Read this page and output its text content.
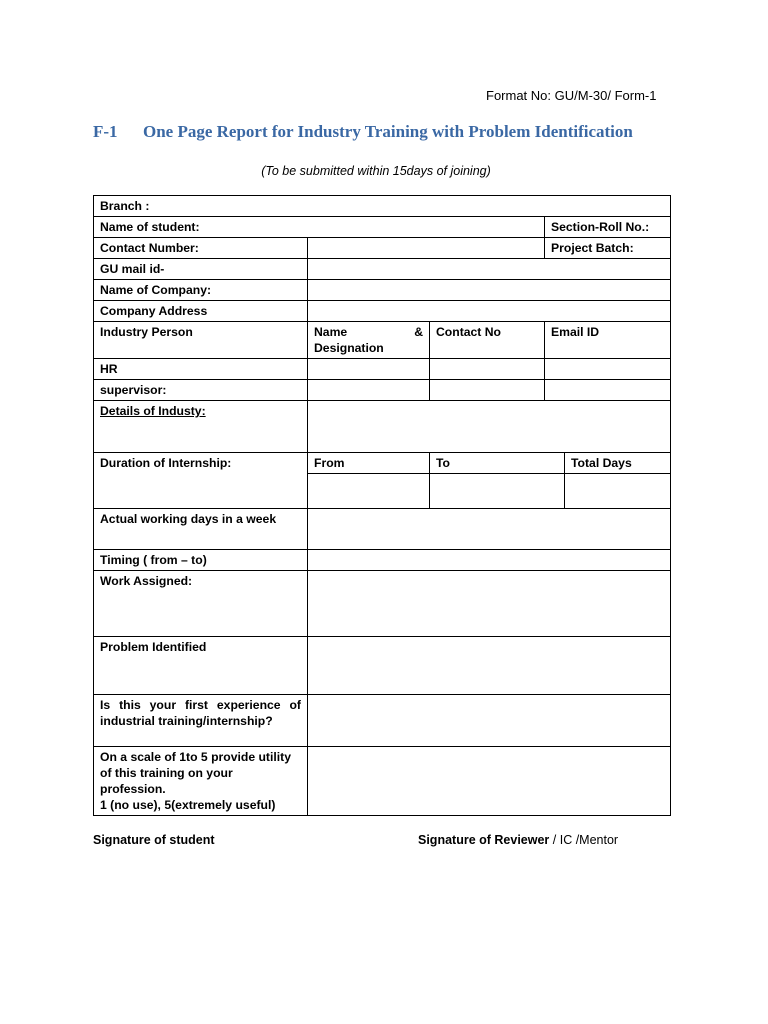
Format No: GU/M-30/ Form-1
F-1 One Page Report for Industry Training with Problem Identification
(To be submitted within 15days of joining)
Branch :				
Name of student:			Section-Roll No.:	
Contact Number:			Project Batch:	
GU mail id-				
Name of Company:				
Company Address				
Industry Person	Name & Designation	Contact No	Email ID	
HR				
supervisor:				
Details of Industy:				
Duration of Internship:	From	To		Total Days

Actual working days in a week				
Timing ( from – to)				
Work Assigned:				
Problem Identified				
Is this your first experience of industrial training/internship?				

On a scale of 1to 5 provide utility of this training on your profession.
1 (no use), 5(extremely useful)				

Signature of student	Signature of Reviewer / IC /Mentor
